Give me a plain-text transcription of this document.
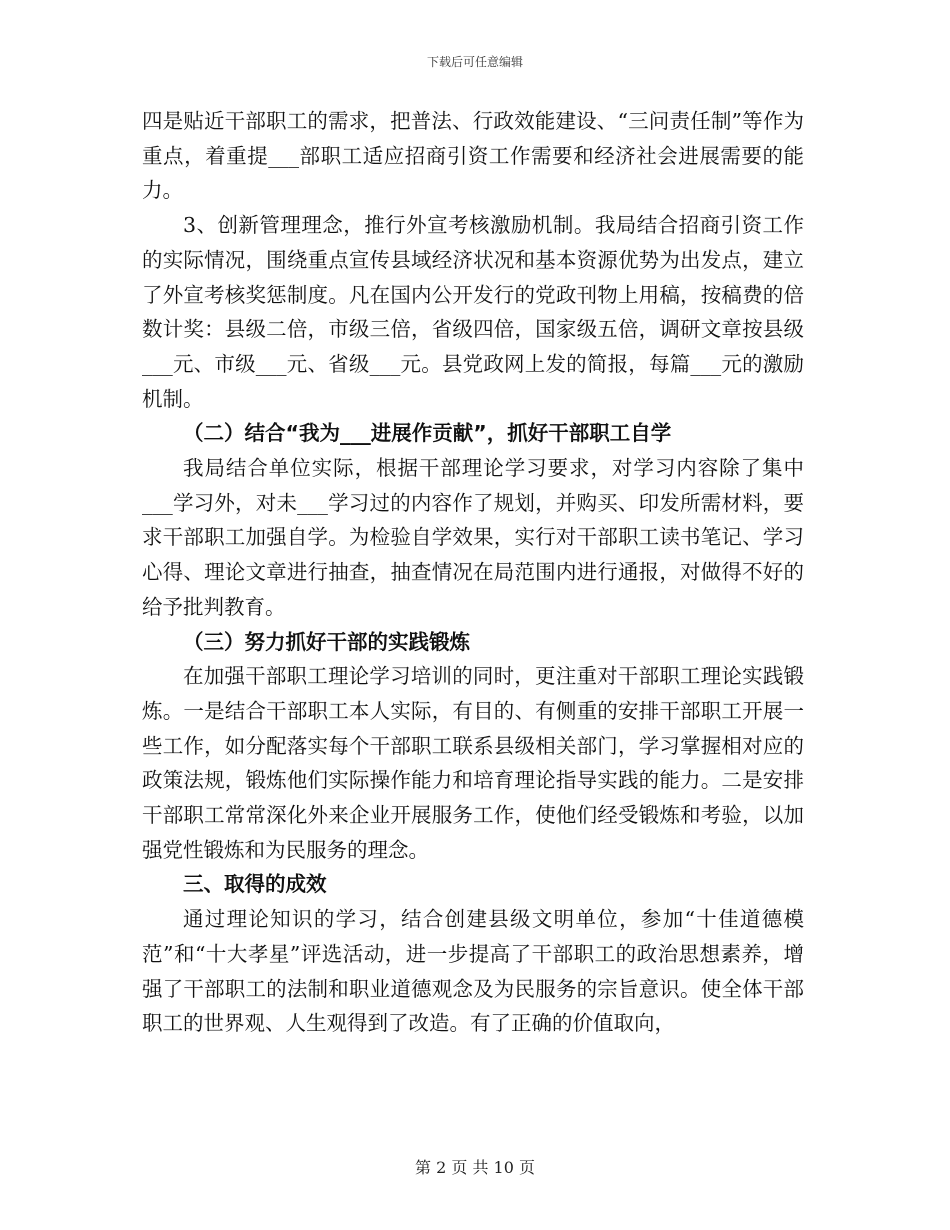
下载后可任意编辑

四是贴近干部职工的需求，把普法、行政效能建设、“三问责任制”等作为重点，着重提___部职工适应招商引资工作需要和经济社会进展需要的能力。

3、创新管理理念，推行外宣考核激励机制。我局结合招商引资工作的实际情况，围绕重点宣传县域经济状况和基本资源优势为出发点，建立了外宣考核奖惩制度。凡在国内公开发行的党政刊物上用稿，按稿费的倍数计奖：县级二倍，市级三倍，省级四倍，国家级五倍，调研文章按县级___元、市级___元、省级___元。县党政网上发的简报，每篇___元的激励机制。

（二）结合“我为___进展作贡献”，抓好干部职工自学

我局结合单位实际，根据干部理论学习要求，对学习内容除了集中___学习外，对未___学习过的内容作了规划，并购买、印发所需材料，要求干部职工加强自学。为检验自学效果，实行对干部职工读书笔记、学习心得、理论文章进行抽查，抽查情况在局范围内进行通报，对做得不好的给予批判教育。

（三）努力抓好干部的实践锻炼

在加强干部职工理论学习培训的同时，更注重对干部职工理论实践锻炼。一是结合干部职工本人实际，有目的、有侧重的安排干部职工开展一些工作，如分配落实每个干部职工联系县级相关部门，学习掌握相对应的政策法规，锻炼他们实际操作能力和培育理论指导实践的能力。二是安排干部职工常常深化外来企业开展服务工作，使他们经受锻炼和考验，以加强党性锻炼和为民服务的理念。

三、取得的成效

通过理论知识的学习，结合创建县级文明单位，参加“十佳道德模范”和“十大孝星”评选活动，进一步提高了干部职工的政治思想素养，增强了干部职工的法制和职业道德观念及为民服务的宗旨意识。使全体干部职工的世界观、人生观得到了改造。有了正确的价值取向，

第 2 页 共 10 页
